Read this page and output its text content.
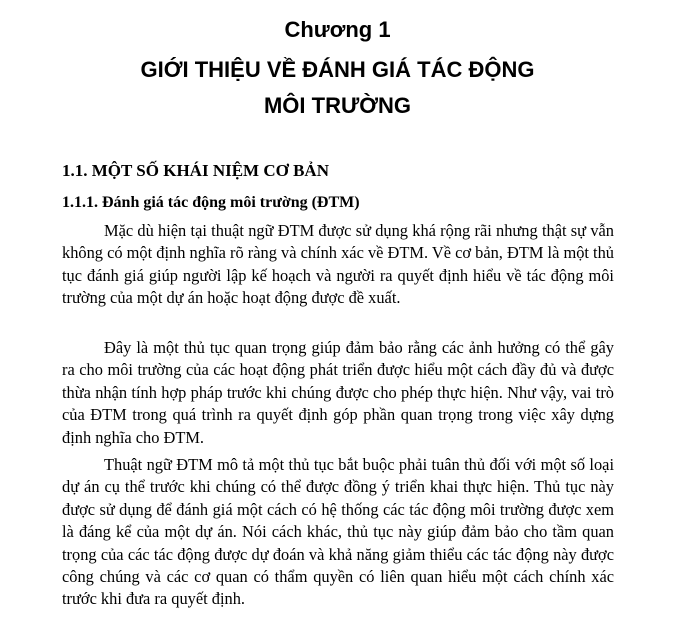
Chương 1
GIỚI THIỆU VỀ ĐÁNH GIÁ TÁC ĐỘNG
MÔI TRƯỜNG
1.1. MỘT SỐ KHÁI NIỆM CƠ BẢN
1.1.1. Đánh giá tác động môi trường (ĐTM)

Mặc dù hiện tại thuật ngữ ĐTM được sử dụng khá rộng rãi nhưng thật sự vẫn không có một định nghĩa rõ ràng và chính xác về ĐTM. Về cơ bản, ĐTM là một thủ tục đánh giá giúp người lập kế hoạch và người ra quyết định hiểu về tác động môi trường của một dự án hoặc hoạt động được đề xuất.

Đây là một thủ tục quan trọng giúp đảm bảo rằng các ảnh hưởng có thể gây ra cho môi trường của các hoạt động phát triển được hiểu một cách đầy đủ và được thừa nhận tính hợp pháp trước khi chúng được cho phép thực hiện. Như vậy, vai trò của ĐTM trong quá trình ra quyết định góp phần quan trọng trong việc xây dựng định nghĩa cho ĐTM.

Thuật ngữ ĐTM mô tả một thủ tục bắt buộc phải tuân thủ đối với một số loại dự án cụ thể trước khi chúng có thể được đồng ý triển khai thực hiện. Thủ tục này được sử dụng để đánh giá một cách có hệ thống các tác động môi trường được xem là đáng kể của một dự án. Nói cách khác, thủ tục này giúp đảm bảo cho tầm quan trọng của các tác động được dự đoán và khả năng giảm thiểu các tác động này được công chúng và các cơ quan có thẩm quyền có liên quan hiểu một cách chính xác trước khi đưa ra quyết định.
